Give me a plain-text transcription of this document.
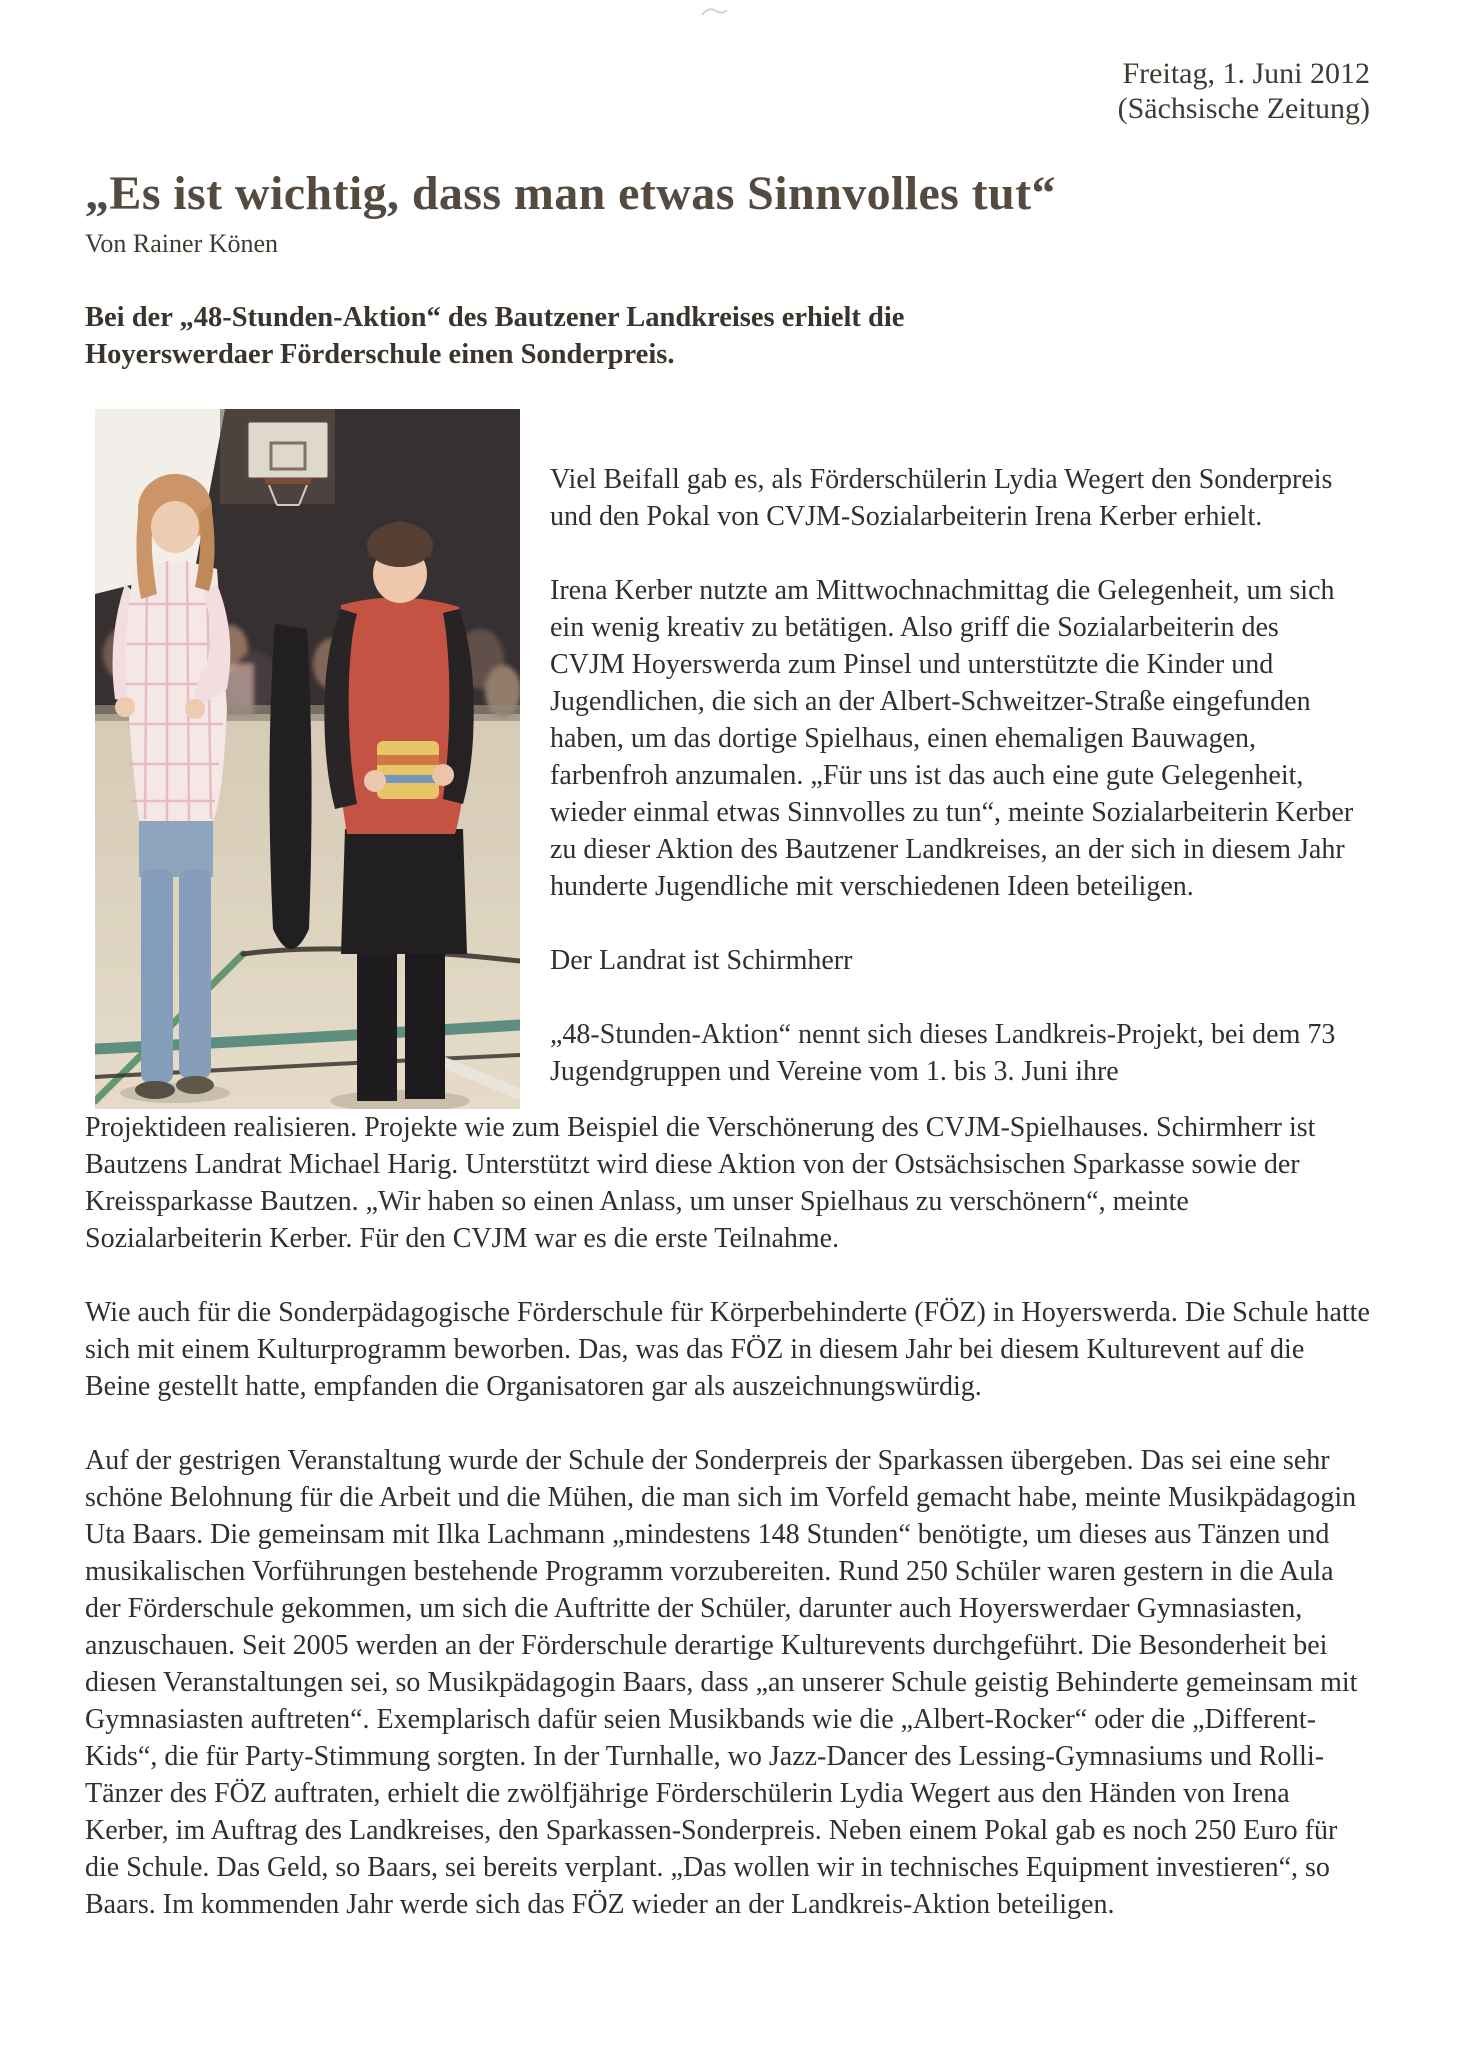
Freitag, 1. Juni 2012
(Sächsische Zeitung)
„Es ist wichtig, dass man etwas Sinnvolles tut“
Von Rainer Könen

Bei der „48-Stunden-Aktion“ des Bautzener Landkreises erhielt die Hoyerswerdaer Förderschule einen Sonderpreis.

Viel Beifall gab es, als Förderschülerin Lydia Wegert den Sonderpreis und den Pokal von CVJM-Sozialarbeiterin Irena Kerber erhielt.

Irena Kerber nutzte am Mittwochnachmittag die Gelegenheit, um sich ein wenig kreativ zu betätigen. Also griff die Sozialarbeiterin des CVJM Hoyerswerda zum Pinsel und unterstützte die Kinder und Jugendlichen, die sich an der Albert-Schweitzer-Straße eingefunden haben, um das dortige Spielhaus, einen ehemaligen Bauwagen, farbenfroh anzumalen. „Für uns ist das auch eine gute Gelegenheit, wieder einmal etwas Sinnvolles zu tun“, meinte Sozialarbeiterin Kerber zu dieser Aktion des Bautzener Landkreises, an der sich in diesem Jahr hunderte Jugendliche mit verschiedenen Ideen beteiligen.

Der Landrat ist Schirmherr

„48-Stunden-Aktion“ nennt sich dieses Landkreis-Projekt, bei dem 73 Jugendgruppen und Vereine vom 1. bis 3. Juni ihre

Projektideen realisieren. Projekte wie zum Beispiel die Verschönerung des CVJM-Spielhauses. Schirmherr ist Bautzens Landrat Michael Harig. Unterstützt wird diese Aktion von der Ostsächsischen Sparkasse sowie der Kreissparkasse Bautzen. „Wir haben so einen Anlass, um unser Spielhaus zu verschönern“, meinte Sozialarbeiterin Kerber. Für den CVJM war es die erste Teilnahme.

Wie auch für die Sonderpädagogische Förderschule für Körperbehinderte (FÖZ) in Hoyerswerda. Die Schule hatte sich mit einem Kulturprogramm beworben. Das, was das FÖZ in diesem Jahr bei diesem Kulturevent auf die Beine gestellt hatte, empfanden die Organisatoren gar als auszeichnungswürdig.

Auf der gestrigen Veranstaltung wurde der Schule der Sonderpreis der Sparkassen übergeben. Das sei eine sehr schöne Belohnung für die Arbeit und die Mühen, die man sich im Vorfeld gemacht habe, meinte Musikpädagogin Uta Baars. Die gemeinsam mit Ilka Lachmann „mindestens 148 Stunden“ benötigte, um dieses aus Tänzen und musikalischen Vorführungen bestehende Programm vorzubereiten. Rund 250 Schüler waren gestern in die Aula der Förderschule gekommen, um sich die Auftritte der Schüler, darunter auch Hoyerswerdaer Gymnasiasten, anzuschauen. Seit 2005 werden an der Förderschule derartige Kulturevents durchgeführt. Die Besonderheit bei diesen Veranstaltungen sei, so Musikpädagogin Baars, dass „an unserer Schule geistig Behinderte gemeinsam mit Gymnasiasten auftreten“. Exemplarisch dafür seien Musikbands wie die „Albert-Rocker“ oder die „Different-Kids“, die für Party-Stimmung sorgten. In der Turnhalle, wo Jazz-Dancer des Lessing-Gymnasiums und Rolli-Tänzer des FÖZ auftraten, erhielt die zwölfjährige Förderschülerin Lydia Wegert aus den Händen von Irena Kerber, im Auftrag des Landkreises, den Sparkassen-Sonderpreis. Neben einem Pokal gab es noch 250 Euro für die Schule. Das Geld, so Baars, sei bereits verplant. „Das wollen wir in technisches Equipment investieren“, so Baars. Im kommenden Jahr werde sich das FÖZ wieder an der Landkreis-Aktion beteiligen.
